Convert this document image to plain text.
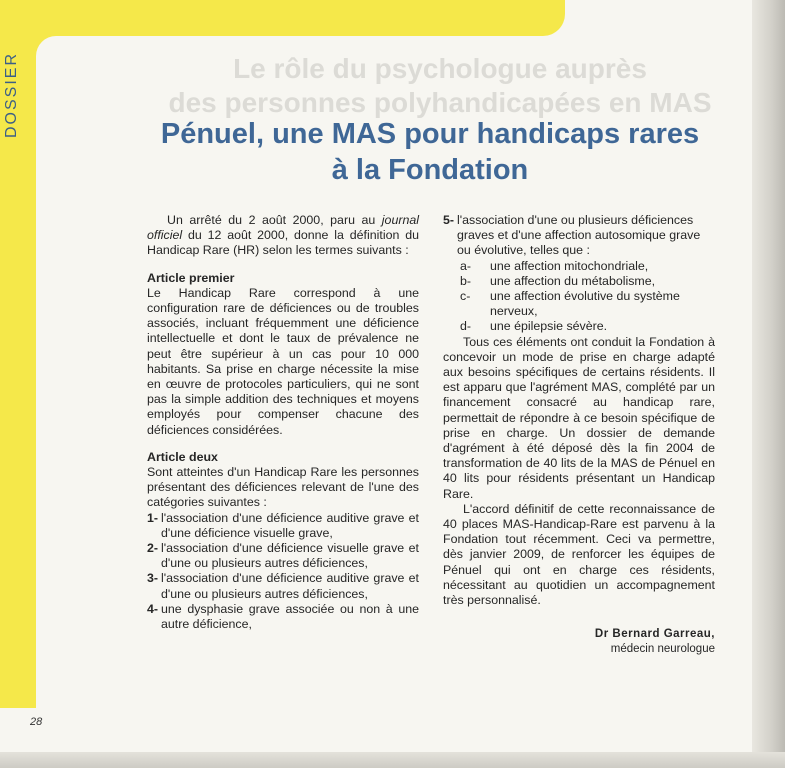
DOSSIER	Le rôle du psychologue auprès
des personnes polyhandicapées en MAS
Pénuel, une MAS pour handicaps rares
à la Fondation

Un arrêté du 2 août 2000, paru au journal officiel du 12 août 2000, donne la définition du Handicap Rare (HR) selon les termes suivants :

Article premier

Le Handicap Rare correspond à une configuration rare de déficiences ou de troubles associés, incluant fréquemment une déficience intellectuelle et dont le taux de prévalence ne peut être supérieur à un cas pour 10 000 habitants. Sa prise en charge nécessite la mise en œuvre de protocoles particuliers, qui ne sont pas la simple addition des techniques et moyens employés pour compenser chacune des déficiences considérées.

Article deux

Sont atteintes d'un Handicap Rare les personnes présentant des déficiences relevant de l'une des catégories suivantes :

1- l'association d'une déficience auditive grave et d'une déficience visuelle grave,
2- l'association d'une déficience visuelle grave et d'une ou plusieurs autres déficiences,
3- l'association d'une déficience auditive grave et d'une ou plusieurs autres déficiences,
4- une dysphasie grave associée ou non à une autre déficience,
5- l'association d'une ou plusieurs déficiences graves et d'une affection autosomique grave ou évolutive, telles que :
a-	une affection mitochondriale,
b-	une affection du métabolisme,
c-	une affection évolutive du système nerveux,
d-	une épilepsie sévère.

Tous ces éléments ont conduit la Fondation à concevoir un mode de prise en charge adapté aux besoins spécifiques de certains résidents. Il est apparu que l'agrément MAS, complété par un financement consacré au handicap rare, permettait de répondre à ce besoin spécifique de prise en charge. Un dossier de demande d'agrément à été déposé dès la fin 2004 de transformation de 40 lits de la MAS de Pénuel en 40 lits pour résidents présentant un Handicap Rare.

L'accord définitif de cette reconnaissance de 40 places MAS-Handicap-Rare est parvenu à la Fondation tout récemment. Ceci va permettre, dès janvier 2009, de renforcer les équipes de Pénuel qui ont en charge ces résidents, nécessitant au quotidien un accompagnement très personnalisé.

Dr Bernard Garreau,
médecin neurologue
28
